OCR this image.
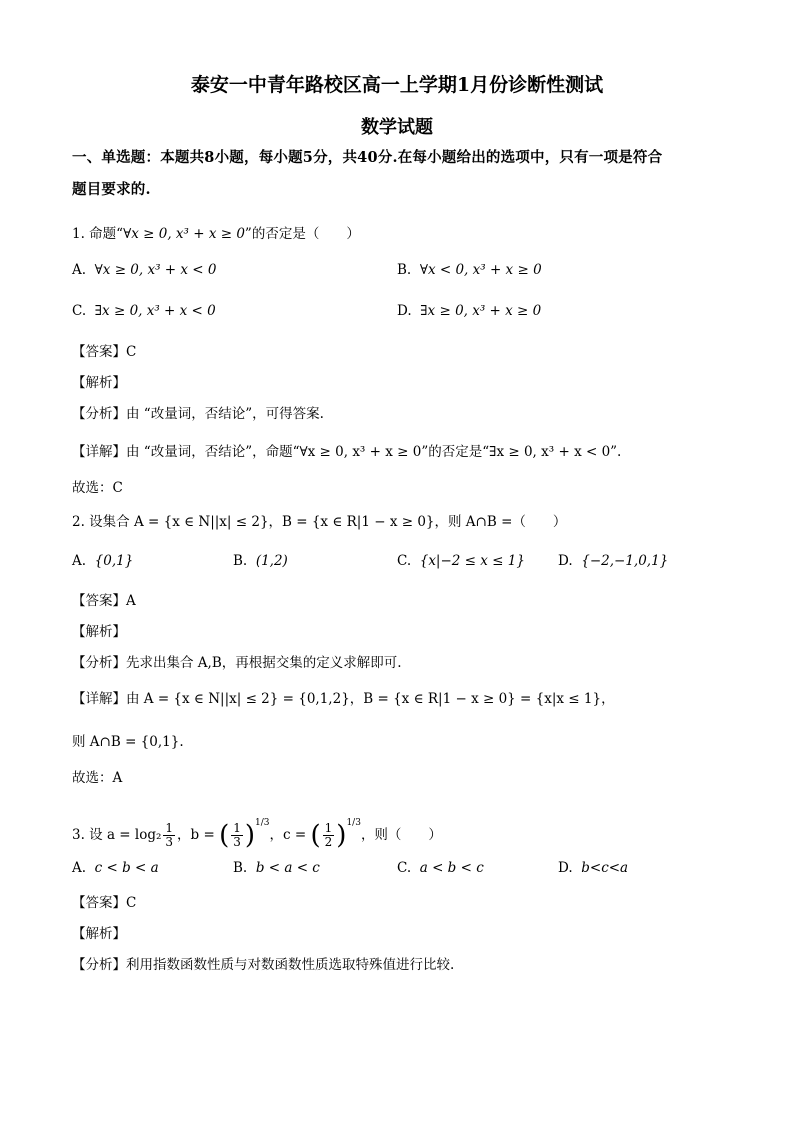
泰安一中青年路校区高一上学期1月份诊断性测试
数学试题
一、单选题：本题共8小题，每小题5分，共40分.在每小题给出的选项中，只有一项是符合
题目要求的.
1. 命题“∀x ≥ 0, x³ + x ≥ 0”的否定是（　　）
A. ∀x ≥ 0, x³ + x < 0	B. ∀x < 0, x³ + x ≥ 0
C. ∃x ≥ 0, x³ + x < 0	D. ∃x ≥ 0, x³ + x ≥ 0
【答案】C
【解析】
【分析】由 “改量词，否结论”，可得答案.
【详解】由 “改量词，否结论”，命题“∀x ≥ 0, x³ + x ≥ 0”的否定是“∃x ≥ 0, x³ + x < 0”.
故选：C
2. 设集合 A = {x ∈ N||x| ≤ 2}，B = {x ∈ R|1 − x ≥ 0}，则 A∩B =（　　）
A. {0,1}	B. (1,2)	C. {x|−2 ≤ x ≤ 1} D. {−2,−1,0,1}
【答案】A
【解析】
【分析】先求出集合 A,B，再根据交集的定义求解即可.
【详解】由 A = {x ∈ N||x| ≤ 2} = {0,1,2}，B = {x ∈ R|1 − x ≥ 0} = {x|x ≤ 1}，
则 A∩B = {0,1}.
故选：A
3. 设 $a = \log_2 \frac{1}{3}$ ，b = ( $\frac{1}{3} )^{1/3}$，c = ( $\frac{1}{2} )^{1/3}$，则（　　）
A. c < b < a	B. b < a < c	C. a < b < c	D. b<c<a
【答案】C
【解析】
【分析】利用指数函数性质与对数函数性质选取特殊值进行比较.
